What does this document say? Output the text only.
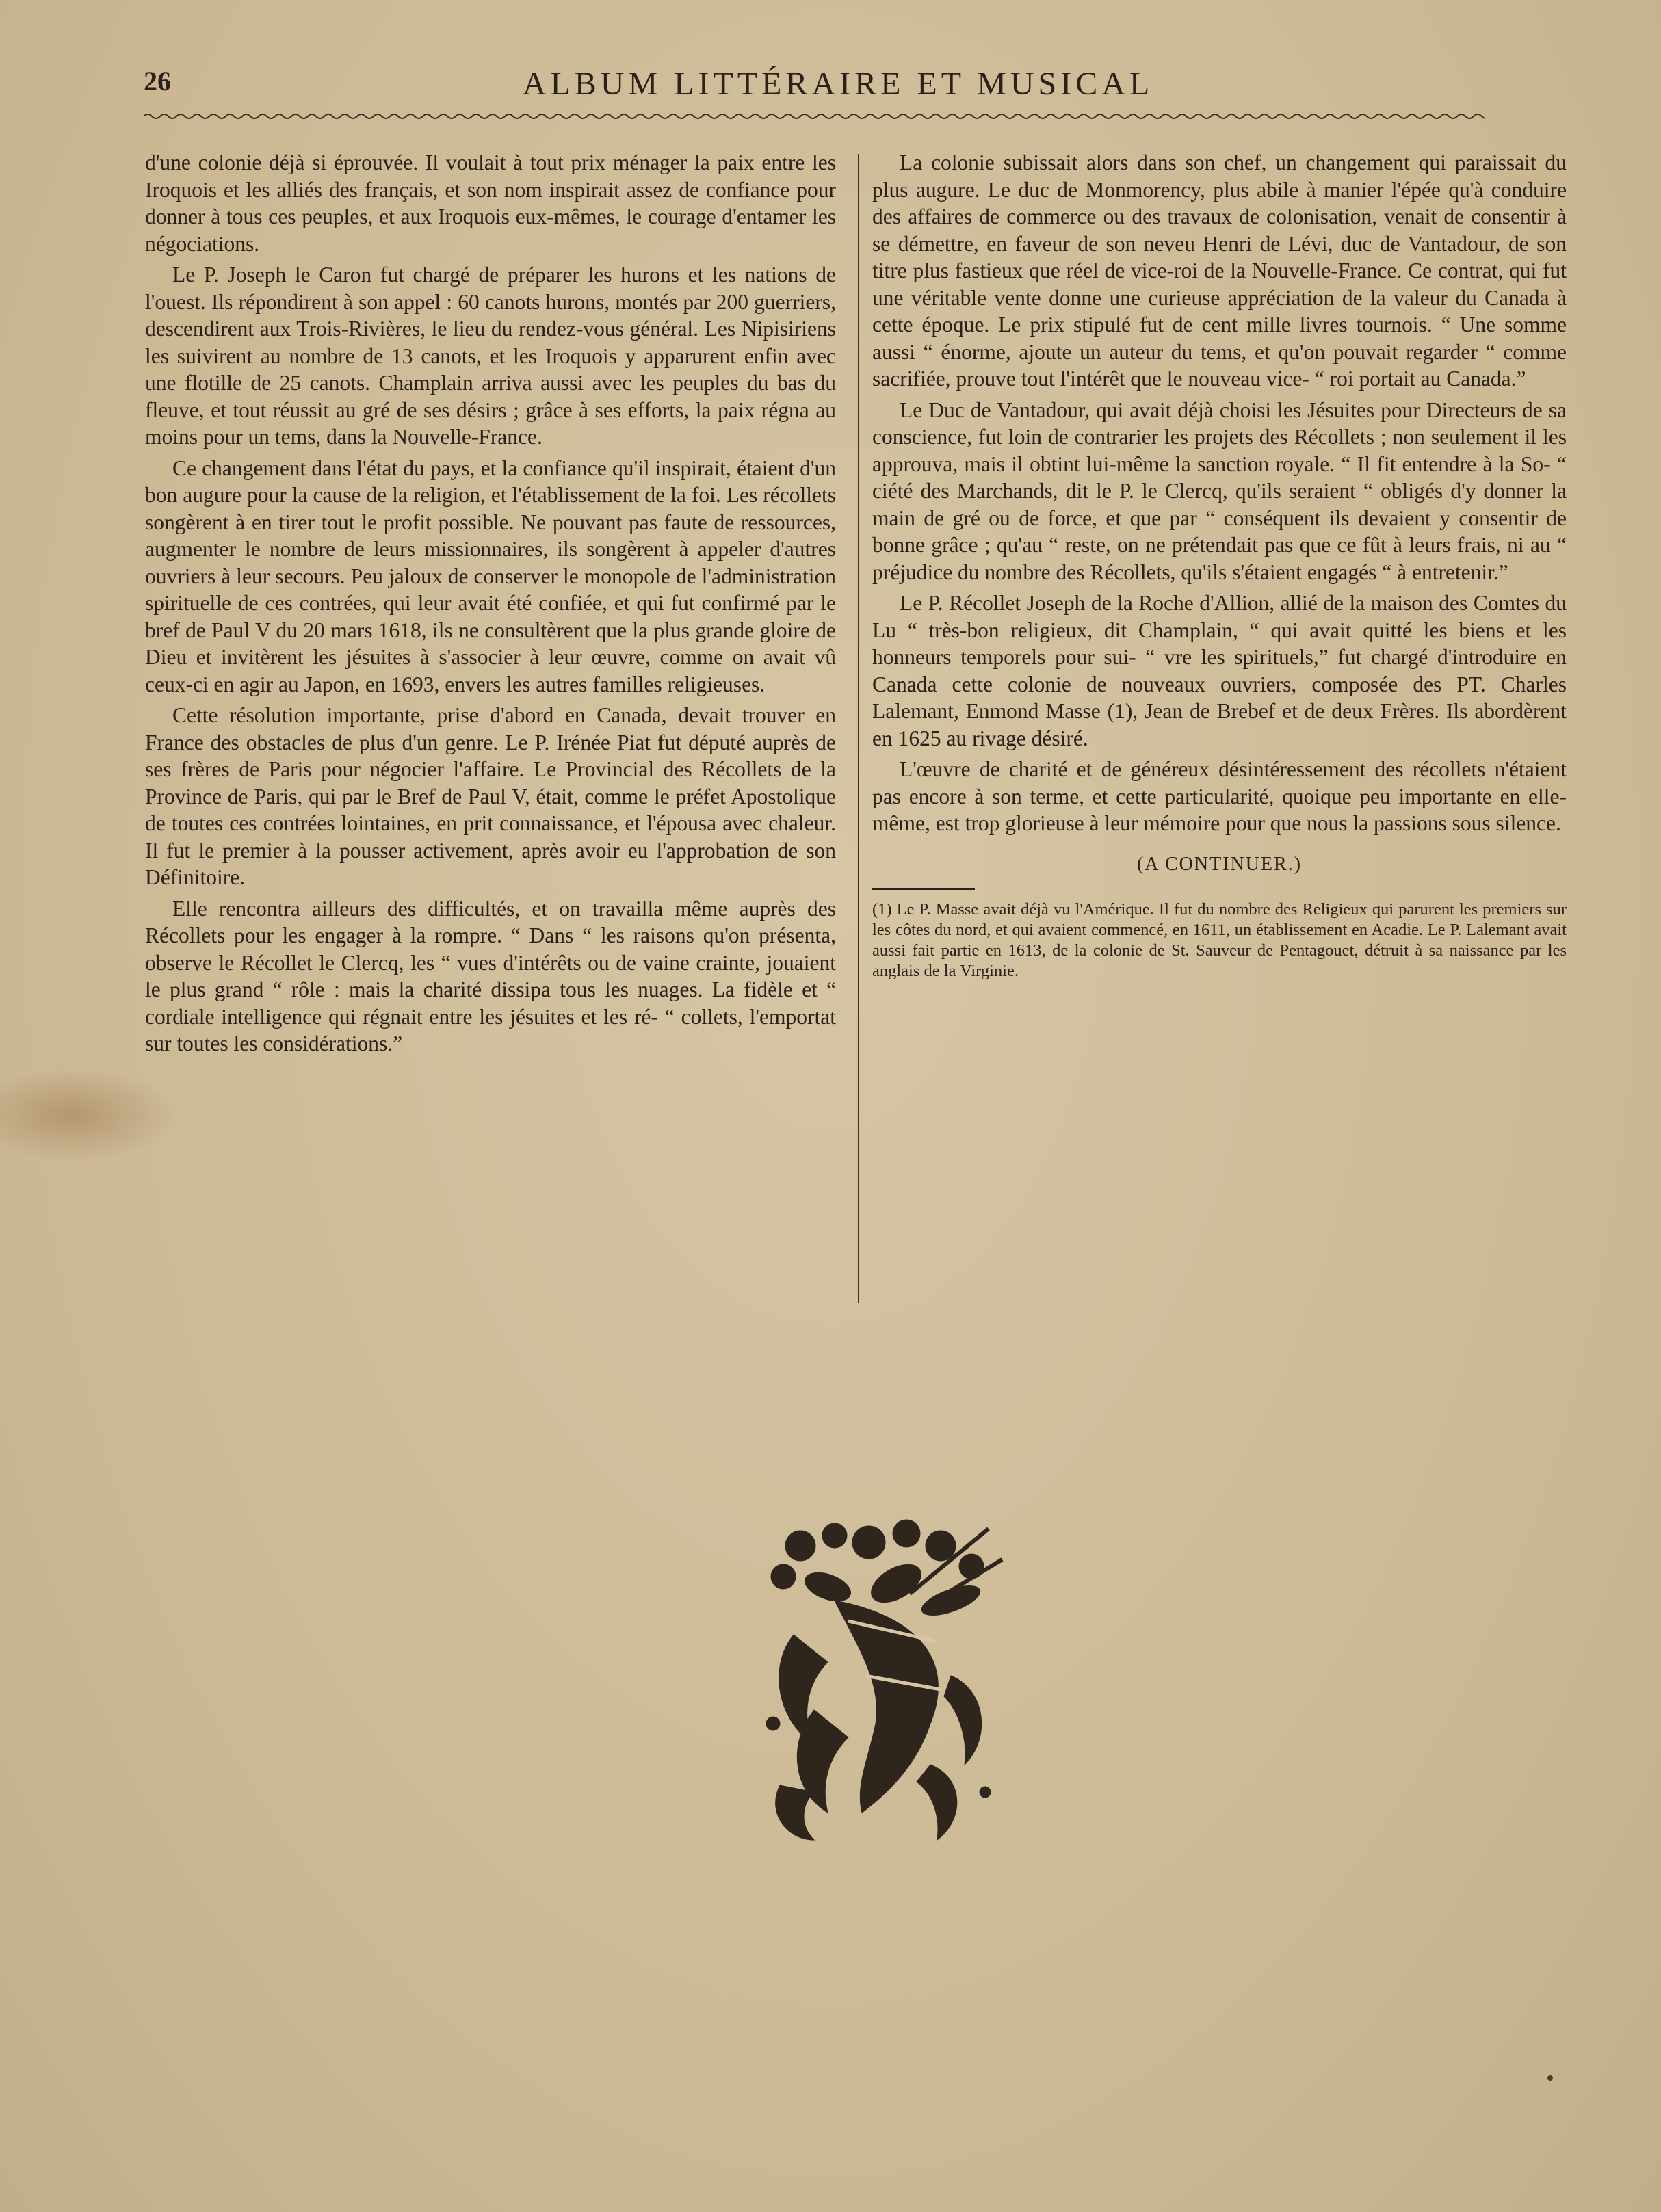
26	ALBUM LITTÉRAIRE ET MUSICAL

d'une colonie déjà si éprouvée. Il voulait à tout prix ménager la paix entre les Iroquois et les alliés des français, et son nom inspirait assez de confiance pour donner à tous ces peuples, et aux Iroquois eux-mêmes, le courage d'entamer les négociations.

Le P. Joseph le Caron fut chargé de préparer les hurons et les nations de l'ouest. Ils répondirent à son appel : 60 canots hurons, montés par 200 guerriers, descendirent aux Trois-Rivières, le lieu du rendez-vous général. Les Nipisiriens les suivirent au nombre de 13 canots, et les Iroquois y apparurent enfin avec une flotille de 25 canots. Champlain arriva aussi avec les peuples du bas du fleuve, et tout réussit au gré de ses désirs ; grâce à ses efforts, la paix régna au moins pour un tems, dans la Nouvelle-France.

Ce changement dans l'état du pays, et la confiance qu'il inspirait, étaient d'un bon augure pour la cause de la religion, et l'établissement de la foi. Les récollets songèrent à en tirer tout le profit possible. Ne pouvant pas faute de ressources, augmenter le nombre de leurs missionnaires, ils songèrent à appeler d'autres ouvriers à leur secours. Peu jaloux de conserver le monopole de l'administration spirituelle de ces contrées, qui leur avait été confiée, et qui fut confirmé par le bref de Paul V du 20 mars 1618, ils ne consultèrent que la plus grande gloire de Dieu et invitèrent les jésuites à s'associer à leur œuvre, comme on avait vû ceux-ci en agir au Japon, en 1693, envers les autres familles religieuses.

Cette résolution importante, prise d'abord en Canada, devait trouver en France des obstacles de plus d'un genre. Le P. Irénée Piat fut député auprès de ses frères de Paris pour négocier l'affaire. Le Provincial des Récollets de la Province de Paris, qui par le Bref de Paul V, était, comme le préfet Apostolique de toutes ces contrées lointaines, en prit connaissance, et l'épousa avec chaleur. Il fut le premier à la pousser activement, après avoir eu l'approbation de son Définitoire.

Elle rencontra ailleurs des difficultés, et on travailla même auprès des Récollets pour les engager à la rompre. “ Dans “ les raisons qu'on présenta, observe le Récollet le Clercq, les “ vues d'intérêts ou de vaine crainte, jouaient le plus grand “ rôle : mais la charité dissipa tous les nuages. La fidèle et “ cordiale intelligence qui régnait entre les jésuites et les ré- “ collets, l'emportat sur toutes les considérations.”

La colonie subissait alors dans son chef, un changement qui paraissait du plus augure. Le duc de Monmorency, plus abile à manier l'épée qu'à conduire des affaires de commerce ou des travaux de colonisation, venait de consentir à se démettre, en faveur de son neveu Henri de Lévi, duc de Vantadour, de son titre plus fastieux que réel de vice-roi de la Nouvelle-France. Ce contrat, qui fut une véritable vente donne une curieuse appréciation de la valeur du Canada à cette époque. Le prix stipulé fut de cent mille livres tournois. “ Une somme aussi “ énorme, ajoute un auteur du tems, et qu'on pouvait regarder “ comme sacrifiée, prouve tout l'intérêt que le nouveau vice- “ roi portait au Canada.”

Le Duc de Vantadour, qui avait déjà choisi les Jésuites pour Directeurs de sa conscience, fut loin de contrarier les projets des Récollets ; non seulement il les approuva, mais il obtint lui-même la sanction royale. “ Il fit entendre à la So- “ ciété des Marchands, dit le P. le Clercq, qu'ils seraient “ obligés d'y donner la main de gré ou de force, et que par “ conséquent ils devaient y consentir de bonne grâce ; qu'au “ reste, on ne prétendait pas que ce fût à leurs frais, ni au “ préjudice du nombre des Récollets, qu'ils s'étaient engagés “ à entretenir.”

Le P. Récollet Joseph de la Roche d'Allion, allié de la maison des Comtes du Lu “ très-bon religieux, dit Champlain, “ qui avait quitté les biens et les honneurs temporels pour sui- “ vre les spirituels,” fut chargé d'introduire en Canada cette colonie de nouveaux ouvriers, composée des PT. Charles Lalemant, Enmond Masse (1), Jean de Brebef et de deux Frères. Ils abordèrent en 1625 au rivage désiré.

L'œuvre de charité et de généreux désintéressement des récollets n'étaient pas encore à son terme, et cette particularité, quoique peu importante en elle-même, est trop glorieuse à leur mémoire pour que nous la passions sous silence.

(A CONTINUER.)
(1) Le P. Masse avait déjà vu l'Amérique. Il fut du nombre des Religieux qui parurent les premiers sur les côtes du nord, et qui avaient commencé, en 1611, un établissement en Acadie. Le P. Lalemant avait aussi fait partie en 1613, de la colonie de St. Sauveur de Pentagouet, détruit à sa naissance par les anglais de la Virginie.
